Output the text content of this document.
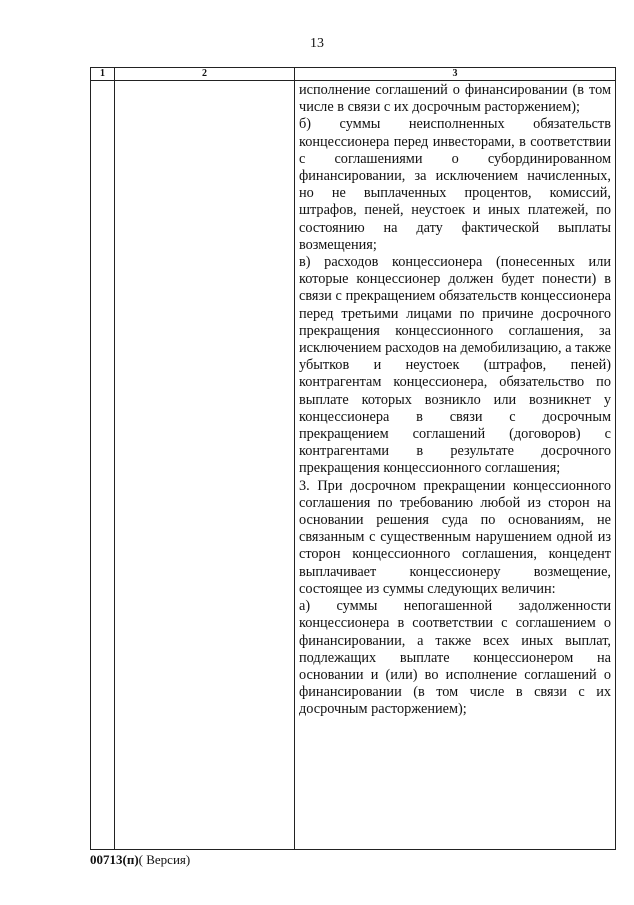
13
1	2	3

		исполнение соглашений о финансировании (в том числе в связи с их досрочным расторжением);

б) суммы неисполненных обязательств концессионера перед инвесторами, в соответствии с соглашениями о субординированном финансировании, за исключением начисленных, но не выплаченных процентов, комиссий, штрафов, пеней, неустоек и иных платежей, по состоянию на дату фактической выплаты возмещения;

в) расходов концессионера (понесенных или которые концессионер должен будет понести) в связи с прекращением обязательств концессионера перед третьими лицами по причине досрочного прекращения концессионного соглашения, за исключением расходов на демобилизацию, а также убытков и неустоек (штрафов, пеней) контрагентам концессионера, обязательство по выплате которых возникло или возникнет у концессионера в связи с досрочным прекращением соглашений (договоров) с контрагентами в результате досрочного прекращения концессионного соглашения;

3. При досрочном прекращении концессионного соглашения по требованию любой из сторон на основании решения суда по основаниям, не связанным с существенным нарушением одной из сторон концессионного соглашения, концедент выплачивает концессионеру возмещение, состоящее из суммы следующих величин:

а) суммы непогашенной задолженности концессионера в соответствии с соглашением о финансировании, а также всех иных выплат, подлежащих выплате концессионером на основании и (или) во исполнение соглашений о финансировании (в том числе в связи с их досрочным расторжением);

00713(п)( Версия)
